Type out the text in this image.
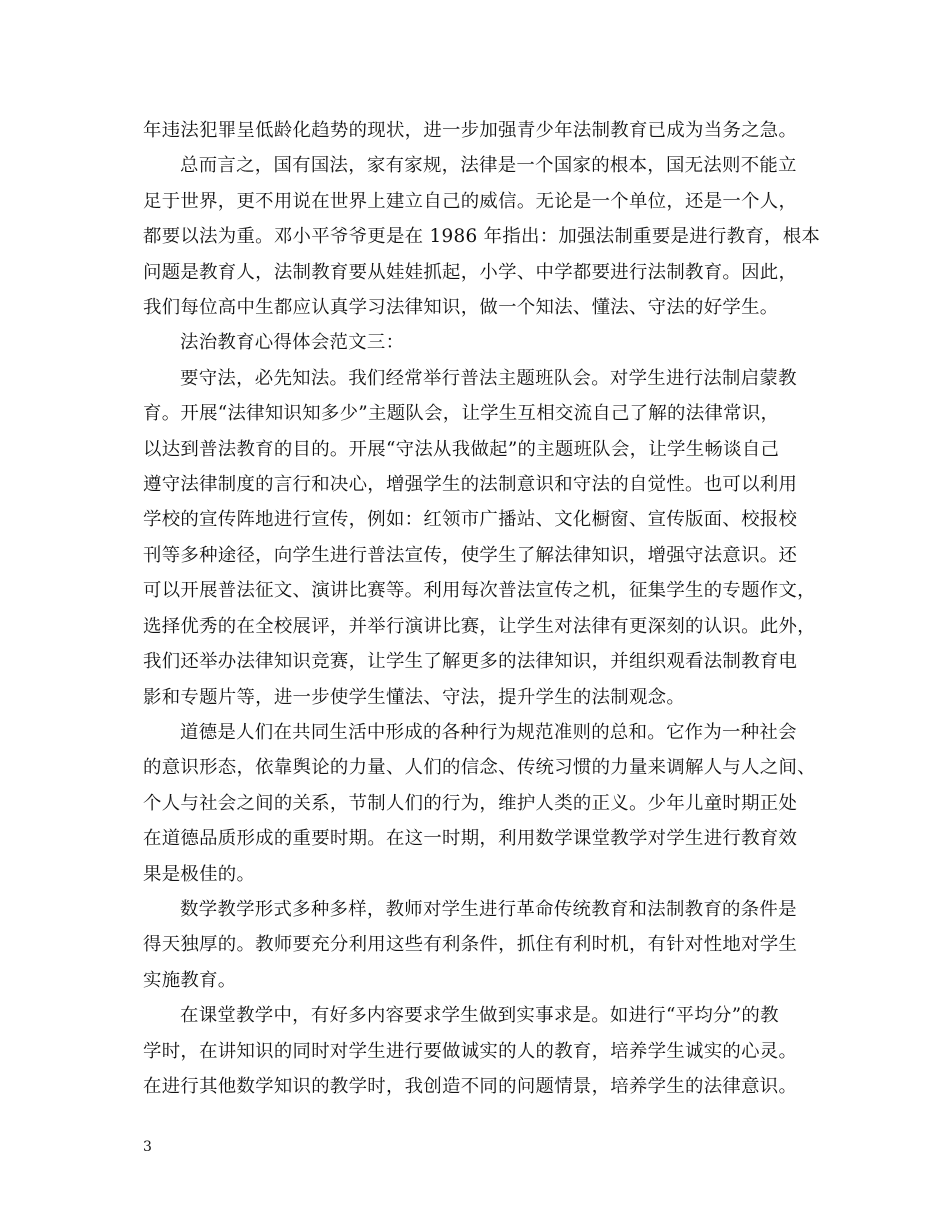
年违法犯罪呈低龄化趋势的现状，进一步加强青少年法制教育已成为当务之急。

总而言之，国有国法，家有家规，法律是一个国家的根本，国无法则不能立
足于世界，更不用说在世界上建立自己的威信。无论是一个单位，还是一个人，
都要以法为重。邓小平爷爷更是在 1986 年指出：加强法制重要是进行教育，根本
问题是教育人，法制教育要从娃娃抓起，小学、中学都要进行法制教育。因此，
我们每位高中生都应认真学习法律知识，做一个知法、懂法、守法的好学生。

法治教育心得体会范文三：

要守法，必先知法。我们经常举行普法主题班队会。对学生进行法制启蒙教
育。开展“法律知识知多少”主题队会，让学生互相交流自己了解的法律常识，
以达到普法教育的目的。开展“守法从我做起”的主题班队会，让学生畅谈自己
遵守法律制度的言行和决心，增强学生的法制意识和守法的自觉性。也可以利用
学校的宣传阵地进行宣传，例如：红领市广播站、文化橱窗、宣传版面、校报校
刊等多种途径，向学生进行普法宣传，使学生了解法律知识，增强守法意识。还
可以开展普法征文、演讲比赛等。利用每次普法宣传之机，征集学生的专题作文，
选择优秀的在全校展评，并举行演讲比赛，让学生对法律有更深刻的认识。此外，
我们还举办法律知识竞赛，让学生了解更多的法律知识，并组织观看法制教育电
影和专题片等，进一步使学生懂法、守法，提升学生的法制观念。

道德是人们在共同生活中形成的各种行为规范准则的总和。它作为一种社会
的意识形态，依靠舆论的力量、人们的信念、传统习惯的力量来调解人与人之间、
个人与社会之间的关系，节制人们的行为，维护人类的正义。少年儿童时期正处
在道德品质形成的重要时期。在这一时期，利用数学课堂教学对学生进行教育效
果是极佳的。

数学教学形式多种多样，教师对学生进行革命传统教育和法制教育的条件是
得天独厚的。教师要充分利用这些有利条件，抓住有利时机，有针对性地对学生
实施教育。

在课堂教学中，有好多内容要求学生做到实事求是。如进行“平均分”的教
学时，在讲知识的同时对学生进行要做诚实的人的教育，培养学生诚实的心灵。
在进行其他数学知识的教学时，我创造不同的问题情景，培养学生的法律意识。

3
